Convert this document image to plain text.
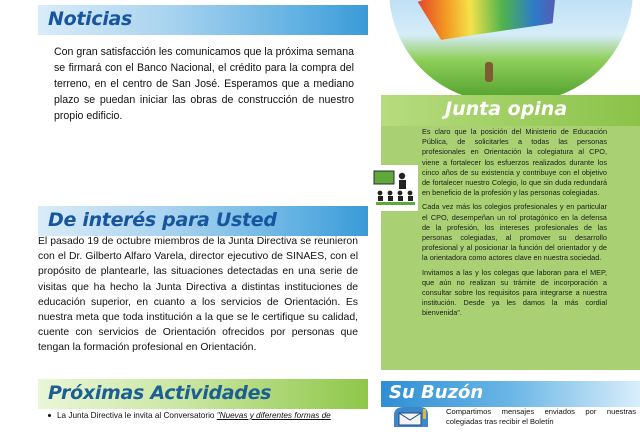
Noticias
Con gran satisfacción les comunicamos que la próxima semana se firmará con el Banco Nacional, el crédito para la compra del terreno, en el centro de San José. Esperamos que a mediano plazo se puedan iniciar las obras de construcción de nuestro propio edificio.
De interés para Usted
El pasado 19 de octubre miembros de la Junta Directiva se reunieron con el Dr. Gilberto Alfaro Varela, director ejecutivo de SINAES, con el propósito de plantearle, las situaciones detectadas en una serie de visitas que ha hecho la Junta Directiva a distintas instituciones de educación superior, en cuanto a los servicios de Orientación. Es nuestra meta que toda institución a la que se le certifique su calidad, cuente con servicios de Orientación ofrecidos por personas que tengan la formación profesional en Orientación.
Próximas Actividades
La Junta Directiva le invita al Conversatorio "Nuevas y diferentes formas de
Junta opina

Es claro que la posición del Ministerio de Educación Pública, de solicitarles a todas las personas profesionales en Orientación la colegiatura al CPO, viene a fortalecer los esfuerzos realizados durante los cinco años de su existencia y contribuye con el objetivo de fortalecer nuestro Colegio, lo que sin duda redundará en beneficio de la profesión y las personas colegiadas.

Cada vez más los colegios profesionales y en particular el CPO, desempeñan un rol protagónico en la defensa de la profesión, los intereses profesionales de las personas colegiadas, al promover su desarrollo profesional y al posicionar la función del orientador y de la orientadora como actores clave en nuestra sociedad.

Invitamos a las y los colegas que laboran para el MEP, que aún no realizan su trámite de incorporación a consultar sobre los requisitos para integrarse a nuestra institución. Desde ya les damos la más cordial bienvenida".

Su Buzón
Compartimos mensajes enviados por nuestras colegiadas tras recibir el Boletín
